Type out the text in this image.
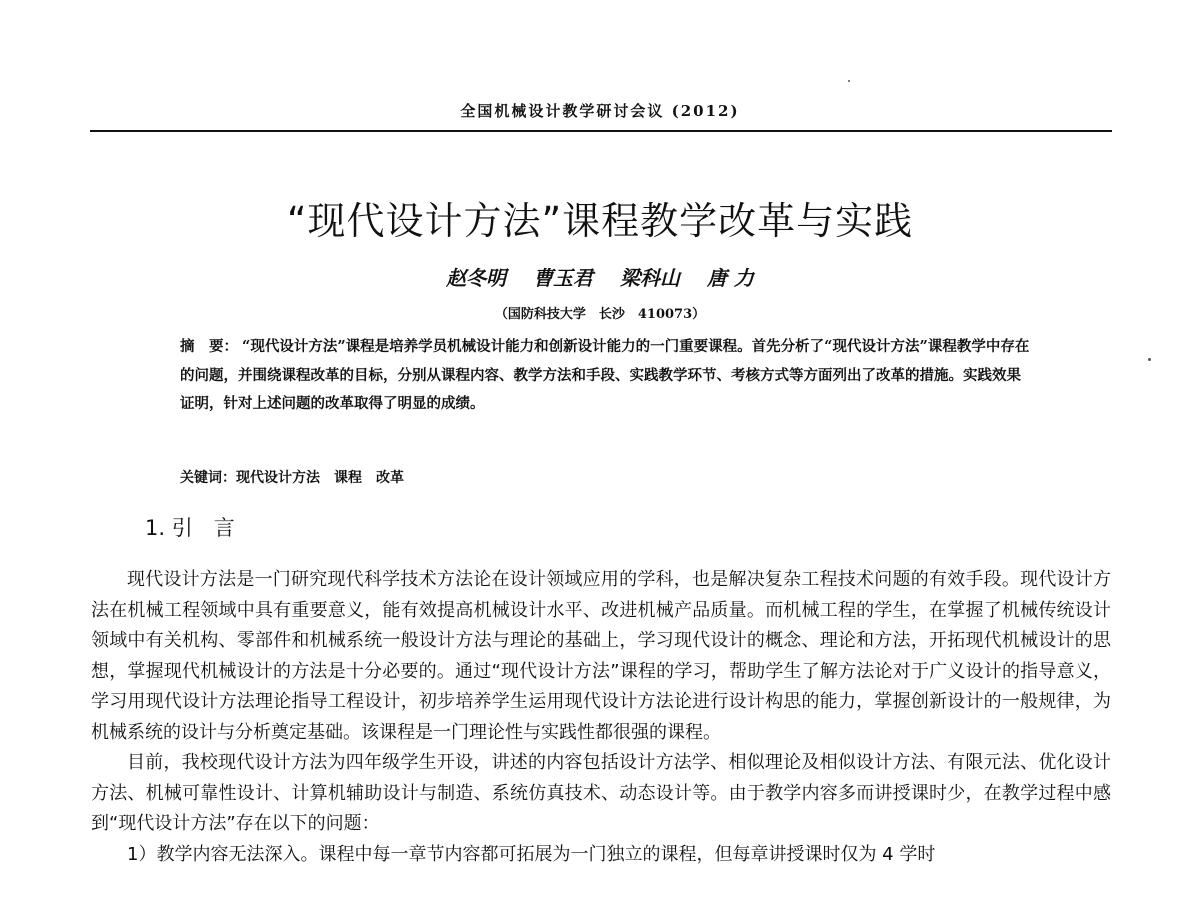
全国机械设计教学研讨会议 (2012)
“现代设计方法”课程教学改革与实践
赵冬明 曹玉君 梁科山 唐 力
（国防科技大学　长沙　410073）
摘　要： “现代设计方法”课程是培养学员机械设计能力和创新设计能力的一门重要课程。首先分析了“现代设计方法”课程教学中存在的问题，并围绕课程改革的目标，分别从课程内容、教学方法和手段、实践教学环节、考核方式等方面列出了改革的措施。实践效果证明，针对上述问题的改革取得了明显的成绩。
关键词：现代设计方法 课程 改革
1. 引　言

现代设计方法是一门研究现代科学技术方法论在设计领域应用的学科，也是解决复杂工程技术问题的有效手段。现代设计方法在机械工程领域中具有重要意义，能有效提高机械设计水平、改进机械产品质量。而机械工程的学生，在掌握了机械传统设计领域中有关机构、零部件和机械系统一般设计方法与理论的基础上，学习现代设计的概念、理论和方法，开拓现代机械设计的思想，掌握现代机械设计的方法是十分必要的。通过“现代设计方法”课程的学习，帮助学生了解方法论对于广义设计的指导意义，学习用现代设计方法理论指导工程设计，初步培养学生运用现代设计方法论进行设计构思的能力，掌握创新设计的一般规律，为机械系统的设计与分析奠定基础。该课程是一门理论性与实践性都很强的课程。

目前，我校现代设计方法为四年级学生开设，讲述的内容包括设计方法学、相似理论及相似设计方法、有限元法、优化设计方法、机械可靠性设计、计算机辅助设计与制造、系统仿真技术、动态设计等。由于教学内容多而讲授课时少，在教学过程中感到“现代设计方法”存在以下的问题：

1）教学内容无法深入。课程中每一章节内容都可拓展为一门独立的课程，但每章讲授课时仅为 4 学时
